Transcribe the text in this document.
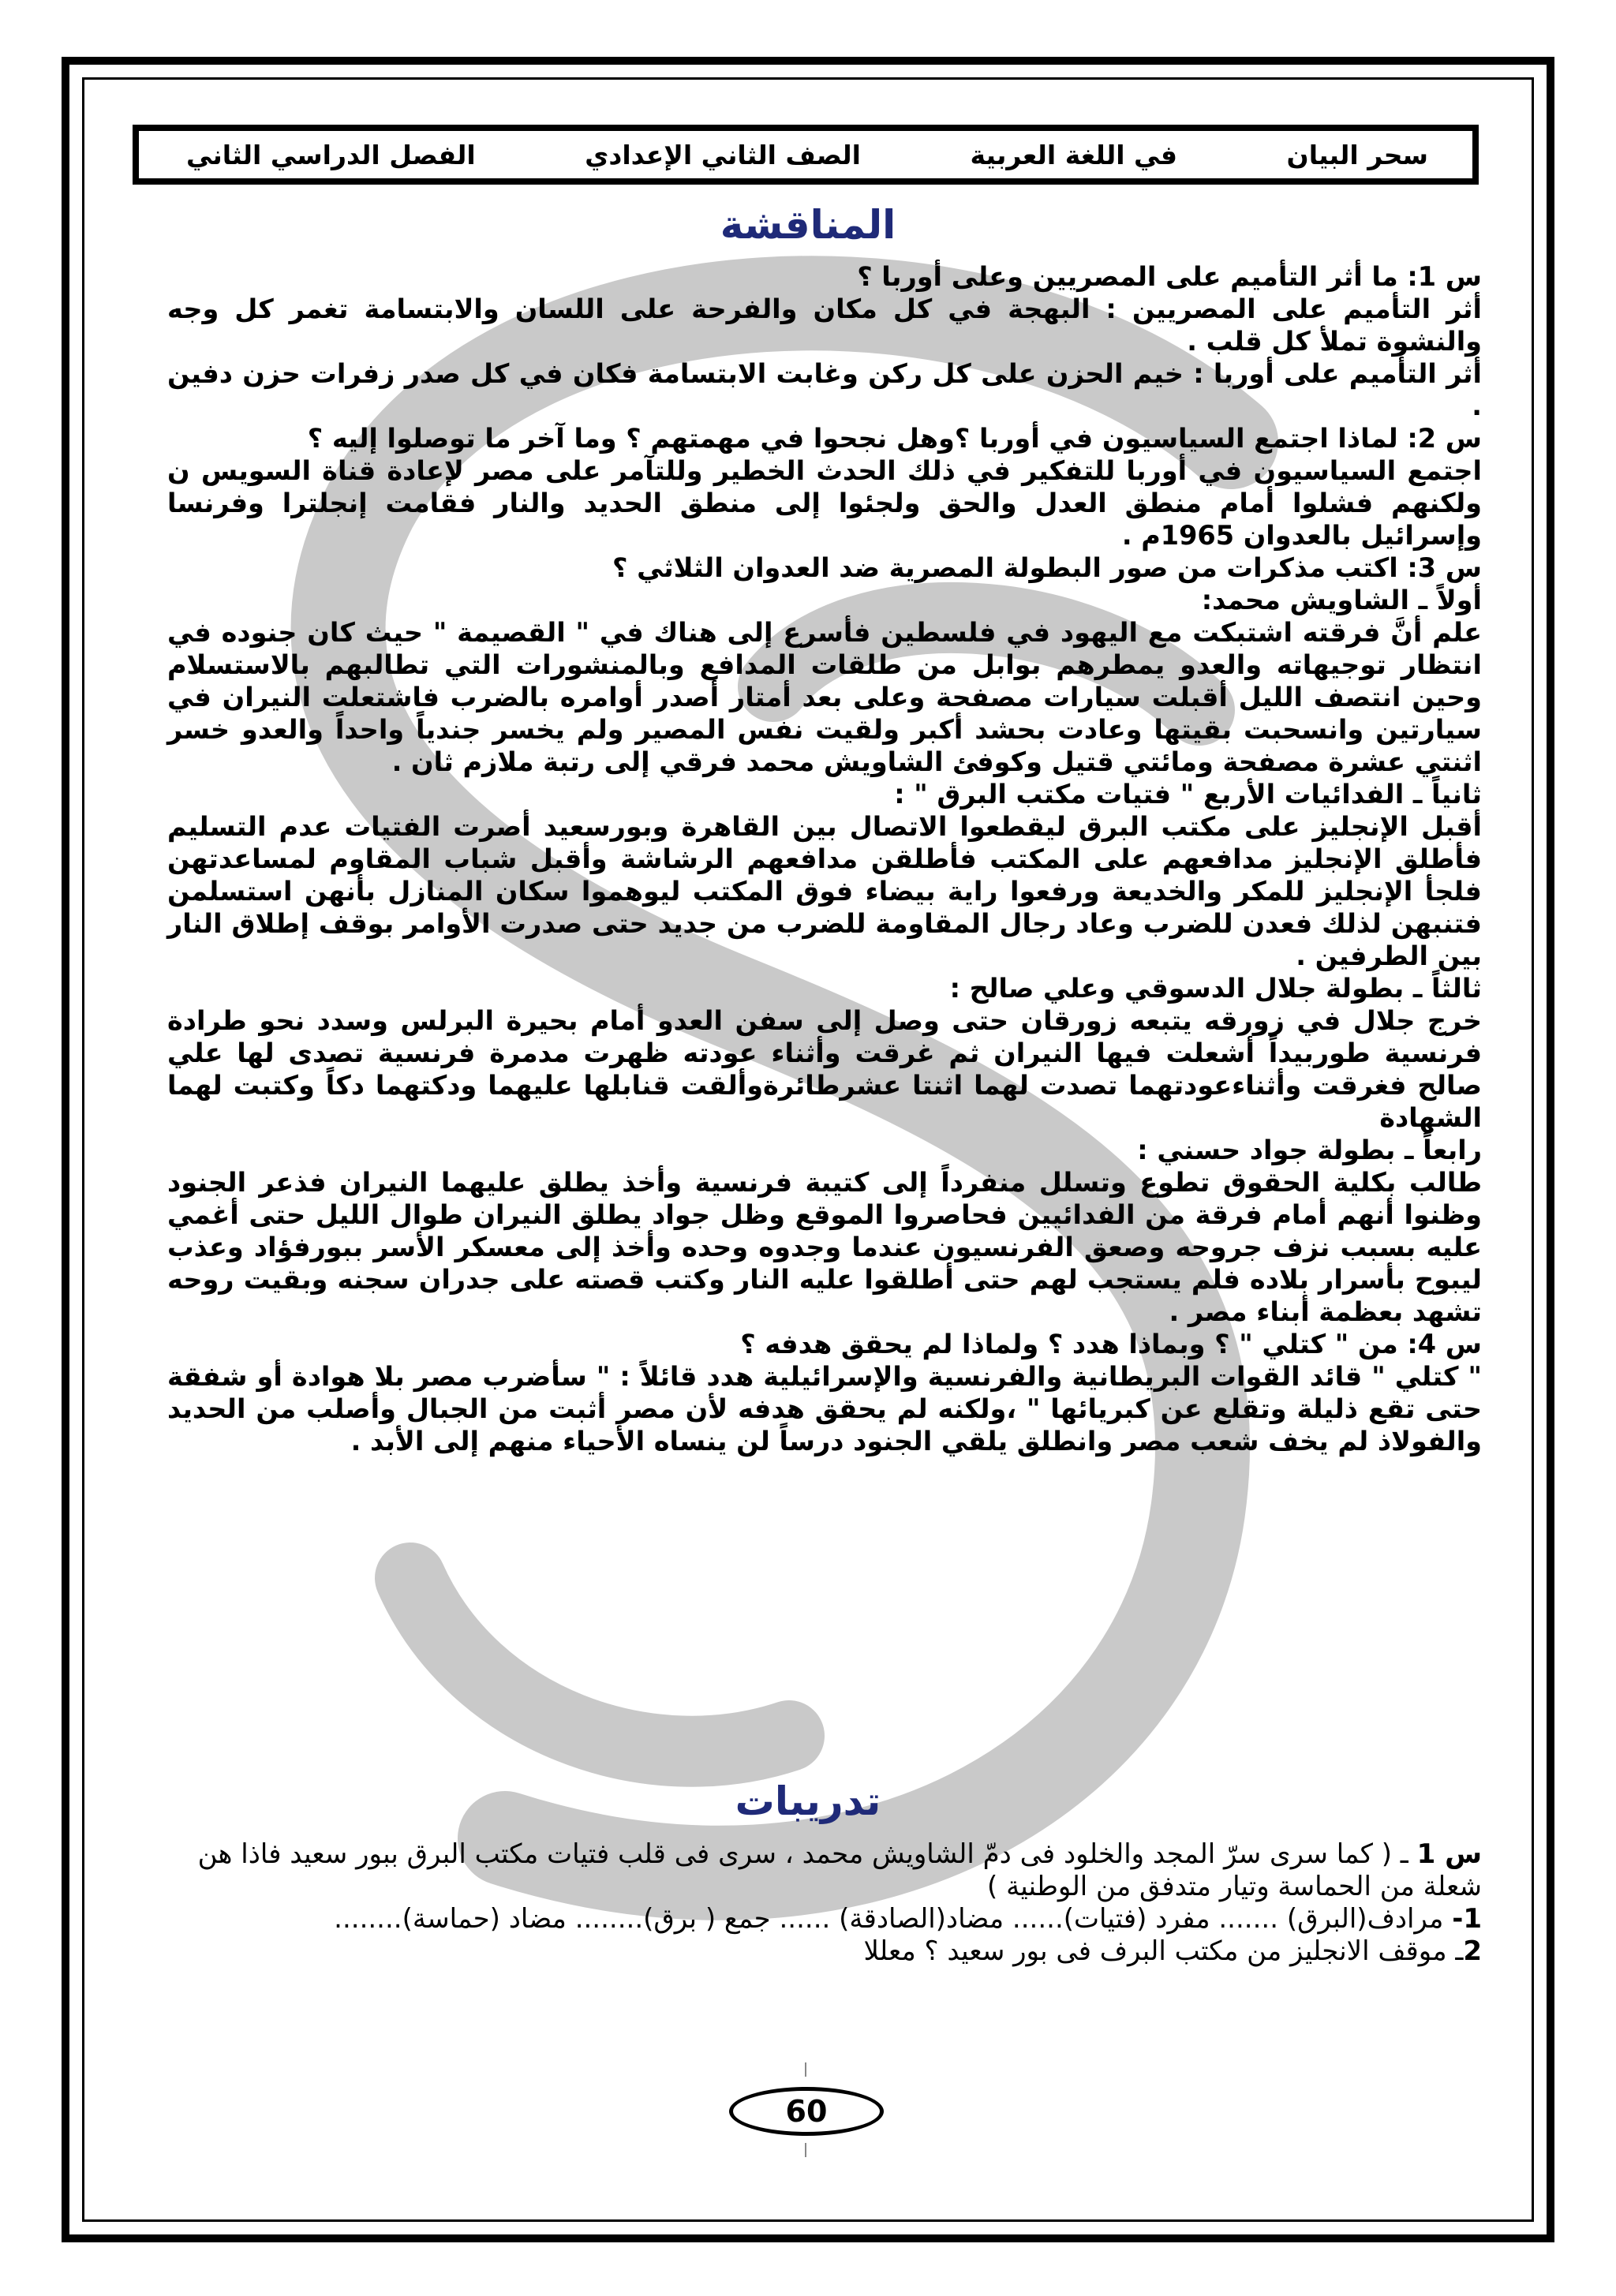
سحر البيان
في اللغة العربية
الصف الثاني الإعدادي
الفصل الدراسي الثاني
المناقشة

س 1: ما أثر التأميم على المصريين وعلى أوربا ؟

أثر التأميم على المصريين : البهجة في كل مكان والفرحة على اللسان والابتسامة تغمر كل وجه والنشوة تملأ كل قلب .

أثر التأميم على أوربا : خيم الحزن على كل ركن وغابت الابتسامة فكان في كل صدر زفرات حزن دفين .

س 2: لماذا اجتمع السياسيون في أوربا ؟وهل نجحوا في مهمتهم ؟ وما آخر ما توصلوا إليه ؟

اجتمع السياسيون في أوربا للتفكير في ذلك الحدث الخطير وللتآمر على مصر لإعادة قناة السويس ن ولكنهم فشلوا أمام منطق العدل والحق ولجئوا إلى منطق الحديد والنار فقامت إنجلترا وفرنسا وإسرائيل بالعدوان 1965م .

س 3: اكتب مذكرات من صور البطولة المصرية ضد العدوان الثلاثي ؟

أولاً ـ الشاويش محمد:

علم أنَّ فرقته اشتبكت مع اليهود في فلسطين فأسرع إلى هناك في " القصيمة " حيث كان جنوده في انتظار توجيهاته والعدو يمطرهم بوابل من طلقات المدافع وبالمنشورات التي تطالبهم بالاستسلام وحين انتصف الليل أقبلت سيارات مصفحة وعلى بعد أمتار أصدر أوامره بالضرب فاشتعلت النيران في سيارتين وانسحبت بقيتها وعادت بحشد أكبر ولقيت نفس المصير ولم يخسر جندياً واحداً والعدو خسر اثنتي عشرة مصفحة ومائتي قتيل وكوفئ الشاويش محمد فرقي إلى رتبة ملازم ثان .

ثانياً ـ الفدائيات الأربع " فتيات مكتب البرق " :

أقبل الإنجليز على مكتب البرق ليقطعوا الاتصال بين القاهرة وبورسعيد أصرت الفتيات عدم التسليم فأطلق الإنجليز مدافعهم على المكتب فأطلقن مدافعهم الرشاشة وأقبل شباب المقاوم لمساعدتهن فلجأ الإنجليز للمكر والخديعة ورفعوا راية بيضاء فوق المكتب ليوهموا سكان المنازل بأنهن استسلمن فتنبهن لذلك فعدن للضرب وعاد رجال المقاومة للضرب من جديد حتى صدرت الأوامر بوقف إطلاق النار بين الطرفين .

ثالثاً ـ بطولة جلال الدسوقي وعلي صالح :

خرج جلال في زورقه يتبعه زورقان حتى وصل إلى سفن العدو أمام بحيرة البرلس وسدد نحو طرادة فرنسية طوربيداً أشعلت فيها النيران ثم غرقت وأثناء عودته ظهرت مدمرة فرنسية تصدى لها علي صالح فغرقت وأثناءعودتهما تصدت لهما اثنتا عشرطائرةوألقت قنابلها عليهما ودكتهما دكاً وكتبت لهما الشهادة

رابعاً ـ بطولة جواد حسني :

طالب بكلية الحقوق تطوع وتسلل منفرداً إلى كتيبة فرنسية وأخذ يطلق عليهما النيران فذعر الجنود وظنوا أنهم أمام فرقة من الفدائيين فحاصروا الموقع وظل جواد يطلق النيران طوال الليل حتى أغمي عليه بسبب نزف جروحه وصعق الفرنسيون عندما وجدوه وحده وأخذ إلى معسكر الأسر ببورفؤاد وعذب ليبوح بأسرار بلاده فلم يستجب لهم حتى أطلقوا عليه النار وكتب قصته على جدران سجنه وبقيت روحه تشهد بعظمة أبناء مصر .

س 4: من " كتلي " ؟ وبماذا هدد ؟ ولماذا لم يحقق هدفه ؟

" كتلي " قائد القوات البريطانية والفرنسية والإسرائيلية هدد قائلاً : " سأضرب مصر بلا هوادة أو شفقة حتى تقع ذليلة وتقلع عن كبريائها " ،ولكنه لم يحقق هدفه لأن مصر أثبت من الجبال وأصلب من الحديد والفولاذ لم يخف شعب مصر وانطلق يلقي الجنود درساً لن ينساه الأحياء منهم إلى الأبد .

تدريبات

س 1 ـ ( كما سرى سرّ المجد والخلود فى دمّ الشاويش محمد ، سرى فى قلب فتيات مكتب البرق ببور سعيد فاذا هن شعلة من الحماسة وتيار متدفق من الوطنية )

1- مرادف(البرق) ....... مفرد (فتيات)...... مضاد(الصادقة) ...... جمع ( برق)........ مضاد (حماسة)........

2ـ موقف الانجليز من مكتب البرف فى بور سعيد ؟ معللا

60
